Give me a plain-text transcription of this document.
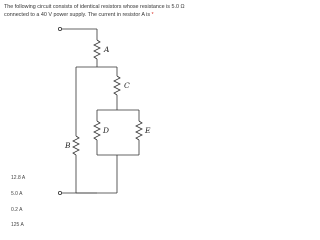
The following circuit consists of identical resistors whose resistance is 5.0 Ω connected to a 40 V power supply. The current in resistor A is *
A
B
C
D	E
12.8 A
5.0 A
0.2 A
125 A
